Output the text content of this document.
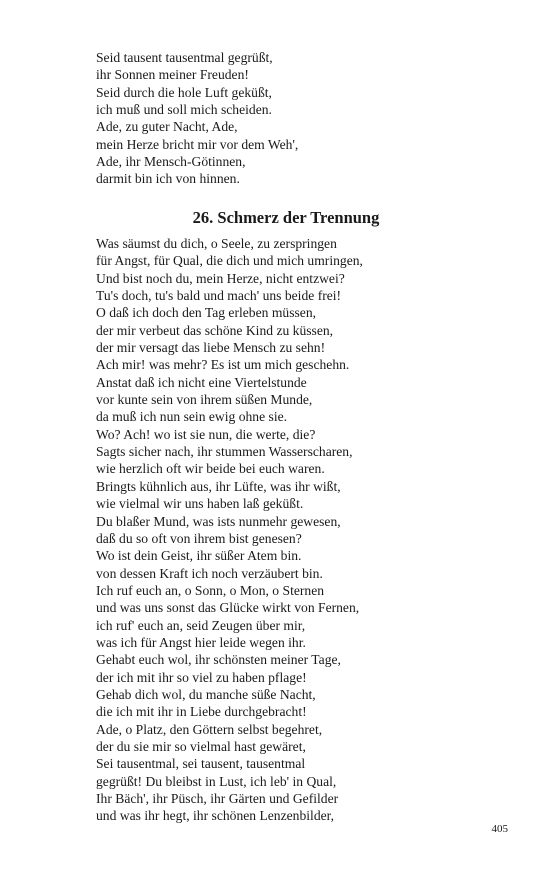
Seid tausent tausentmal gegrüßt,
ihr Sonnen meiner Freuden!
Seid durch die hole Luft geküßt,
ich muß und soll mich scheiden.
Ade, zu guter Nacht, Ade,
mein Herze bricht mir vor dem Weh',
Ade, ihr Mensch-Götinnen,
darmit bin ich von hinnen.
26. Schmerz der Trennung
Was säumst du dich, o Seele, zu zerspringen
für Angst, für Qual, die dich und mich umringen,
Und bist noch du, mein Herze, nicht entzwei?
Tu's doch, tu's bald und mach' uns beide frei!
O daß ich doch den Tag erleben müssen,
der mir verbeut das schöne Kind zu küssen,
der mir versagt das liebe Mensch zu sehn!
Ach mir! was mehr? Es ist um mich geschehn.
Anstat daß ich nicht eine Viertelstunde
vor kunte sein von ihrem süßen Munde,
da muß ich nun sein ewig ohne sie.
Wo? Ach! wo ist sie nun, die werte, die?
Sagts sicher nach, ihr stummen Wasserscharen,
wie herzlich oft wir beide bei euch waren.
Bringts kühnlich aus, ihr Lüfte, was ihr wißt,
wie vielmal wir uns haben laß geküßt.
Du blaßer Mund, was ists nunmehr gewesen,
daß du so oft von ihrem bist genesen?
Wo ist dein Geist, ihr süßer Atem bin.
von dessen Kraft ich noch verzäubert bin.
Ich ruf euch an, o Sonn, o Mon, o Sternen
und was uns sonst das Glücke wirkt von Fernen,
ich ruf' euch an, seid Zeugen über mir,
was ich für Angst hier leide wegen ihr.
Gehabt euch wol, ihr schönsten meiner Tage,
der ich mit ihr so viel zu haben pflage!
Gehab dich wol, du manche süße Nacht,
die ich mit ihr in Liebe durchgebracht!
Ade, o Platz, den Göttern selbst begehret,
der du sie mir so vielmal hast gewäret,
Sei tausentmal, sei tausent, tausentmal
gegrüßt! Du bleibst in Lust, ich leb' in Qual,
Ihr Bäch', ihr Püsch, ihr Gärten und Gefilder
und was ihr hegt, ihr schönen Lenzenbilder,
405
